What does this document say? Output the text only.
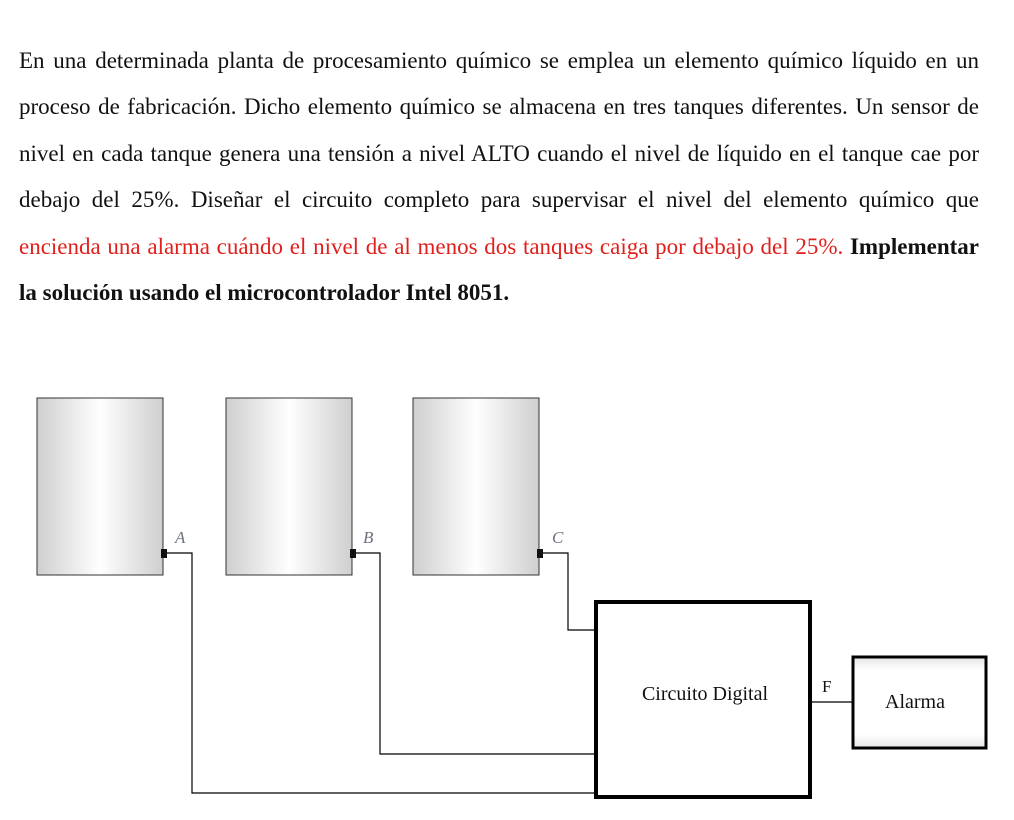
En una determinada planta de procesamiento químico se emplea un elemento químico líquido en un proceso de fabricación. Dicho elemento químico se almacena en tres tanques diferentes. Un sensor de nivel en cada tanque genera una tensión a nivel ALTO cuando el nivel de líquido en el tanque cae por debajo del 25%. Diseñar el circuito completo para supervisar el nivel del elemento químico que encienda una alarma cuándo el nivel de al menos dos tanques caiga por debajo del 25%. Implementar la solución usando el microcontrolador Intel 8051.

A	B	C
Circuito Digital	F
Alarma
